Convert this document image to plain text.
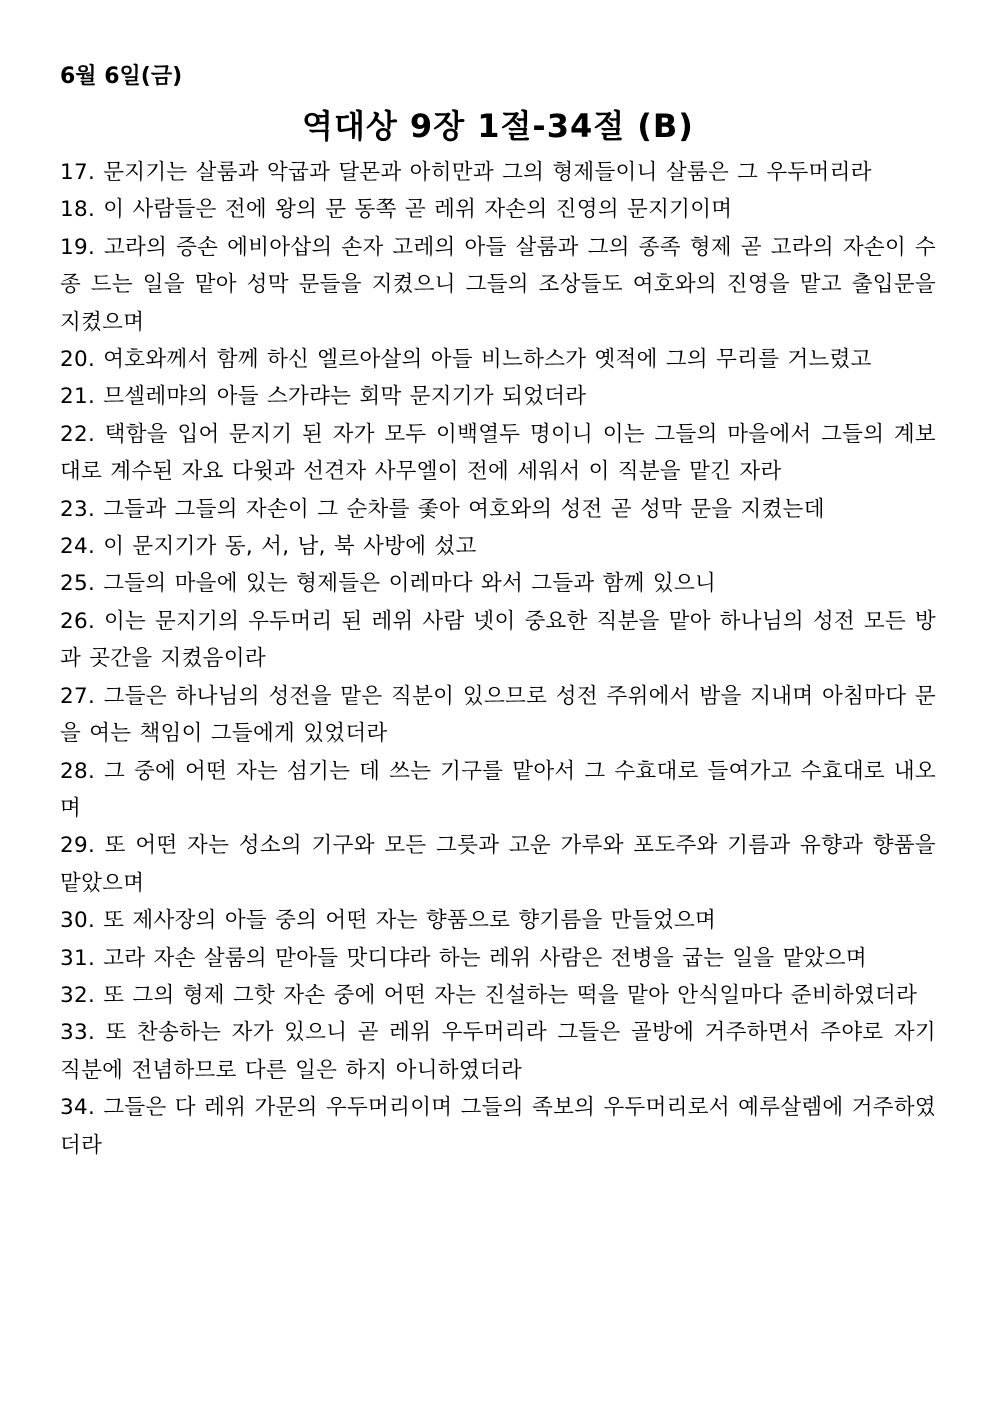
6월 6일(금)
역대상 9장 1절-34절 (B)

17. 문지기는 살룸과 악굽과 달몬과 아히만과 그의 형제들이니 살룸은 그 우두머리라

18. 이 사람들은 전에 왕의 문 동쪽 곧 레위 자손의 진영의 문지기이며

19. 고라의 증손 에비아삽의 손자 고레의 아들 살룸과 그의 종족 형제 곧 고라의 자손이 수종 드는 일을 맡아 성막 문들을 지켰으니 그들의 조상들도 여호와의 진영을 맡고 출입문을 지켰으며

20. 여호와께서 함께 하신 엘르아살의 아들 비느하스가 옛적에 그의 무리를 거느렸고

21. 므셀레먀의 아들 스가랴는 회막 문지기가 되었더라

22. 택함을 입어 문지기 된 자가 모두 이백열두 명이니 이는 그들의 마을에서 그들의 계보대로 계수된 자요 다윗과 선견자 사무엘이 전에 세워서 이 직분을 맡긴 자라

23. 그들과 그들의 자손이 그 순차를 좇아 여호와의 성전 곧 성막 문을 지켰는데

24. 이 문지기가 동, 서, 남, 북 사방에 섰고

25. 그들의 마을에 있는 형제들은 이레마다 와서 그들과 함께 있으니

26. 이는 문지기의 우두머리 된 레위 사람 넷이 중요한 직분을 맡아 하나님의 성전 모든 방과 곳간을 지켰음이라

27. 그들은 하나님의 성전을 맡은 직분이 있으므로 성전 주위에서 밤을 지내며 아침마다 문을 여는 책임이 그들에게 있었더라

28. 그 중에 어떤 자는 섬기는 데 쓰는 기구를 맡아서 그 수효대로 들여가고 수효대로 내오며

29. 또 어떤 자는 성소의 기구와 모든 그릇과 고운 가루와 포도주와 기름과 유향과 향품을 맡았으며

30. 또 제사장의 아들 중의 어떤 자는 향품으로 향기름을 만들었으며

31. 고라 자손 살룸의 맏아들 맛디댜라 하는 레위 사람은 전병을 굽는 일을 맡았으며

32. 또 그의 형제 그핫 자손 중에 어떤 자는 진설하는 떡을 맡아 안식일마다 준비하였더라

33. 또 찬송하는 자가 있으니 곧 레위 우두머리라 그들은 골방에 거주하면서 주야로 자기 직분에 전념하므로 다른 일은 하지 아니하였더라

34. 그들은 다 레위 가문의 우두머리이며 그들의 족보의 우두머리로서 예루살렘에 거주하였더라
